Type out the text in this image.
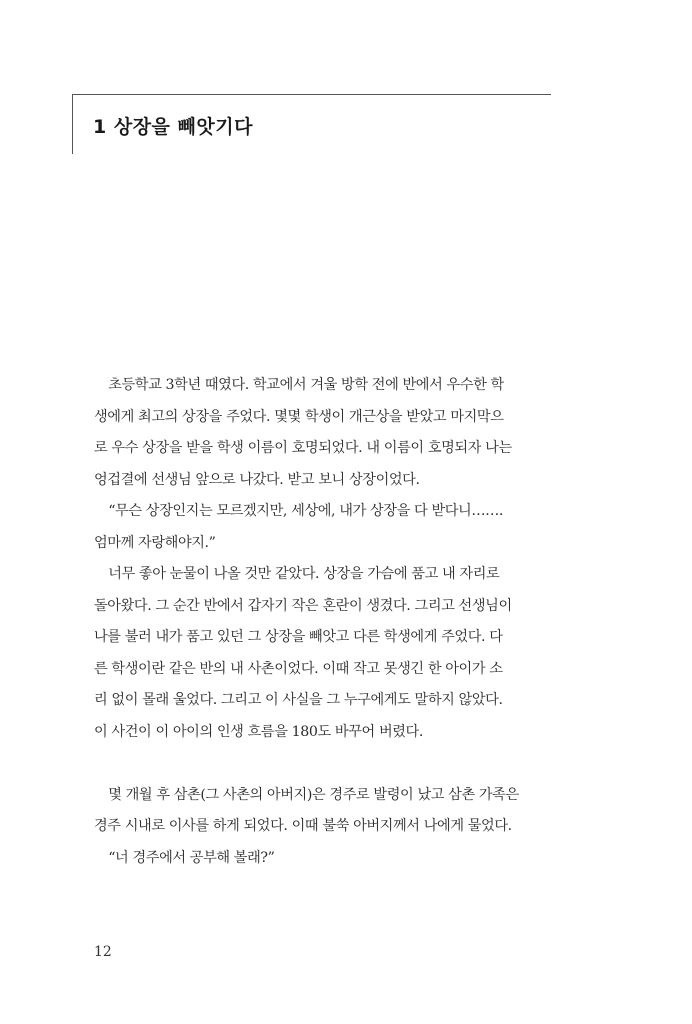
1 상장을 빼앗기다

초등학교 3학년 때였다. 학교에서 겨울 방학 전에 반에서 우수한 학

생에게 최고의 상장을 주었다. 몇몇 학생이 개근상을 받았고 마지막으

로 우수 상장을 받을 학생 이름이 호명되었다. 내 이름이 호명되자 나는

엉겁결에 선생님 앞으로 나갔다. 받고 보니 상장이었다.

“무슨 상장인지는 모르겠지만, 세상에, 내가 상장을 다 받다니…….

엄마께 자랑해야지.”

너무 좋아 눈물이 나올 것만 같았다. 상장을 가슴에 품고 내 자리로

돌아왔다. 그 순간 반에서 갑자기 작은 혼란이 생겼다. 그리고 선생님이

나를 불러 내가 품고 있던 그 상장을 빼앗고 다른 학생에게 주었다. 다

른 학생이란 같은 반의 내 사촌이었다. 이때 작고 못생긴 한 아이가 소

리 없이 몰래 울었다. 그리고 이 사실을 그 누구에게도 말하지 않았다.

이 사건이 이 아이의 인생 흐름을 180도 바꾸어 버렸다.

몇 개월 후 삼촌(그 사촌의 아버지)은 경주로 발령이 났고 삼촌 가족은

경주 시내로 이사를 하게 되었다. 이때 불쑥 아버지께서 나에게 물었다.

“너 경주에서 공부해 볼래?”

12
